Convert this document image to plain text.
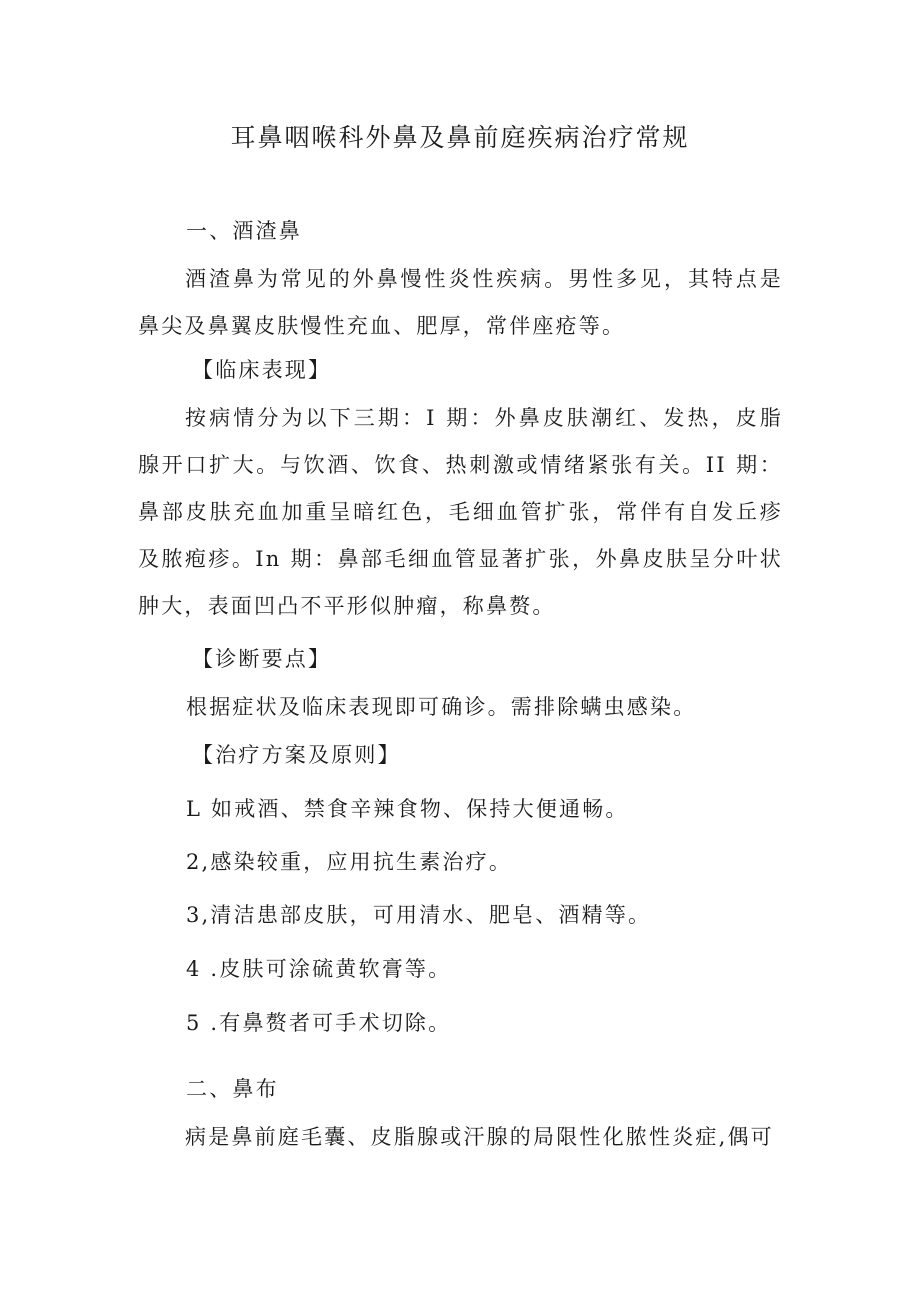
耳鼻咽喉科外鼻及鼻前庭疾病治疗常规
一、酒渣鼻
酒渣鼻为常见的外鼻慢性炎性疾病。男性多见，其特点是鼻尖及鼻翼皮肤慢性充血、肥厚，常伴座疮等。
【临床表现】
按病情分为以下三期：I 期：外鼻皮肤潮红、发热，皮脂腺开口扩大。与饮酒、饮食、热刺激或情绪紧张有关。II 期：鼻部皮肤充血加重呈暗红色，毛细血管扩张，常伴有自发丘疹及脓疱疹。In 期：鼻部毛细血管显著扩张，外鼻皮肤呈分叶状肿大，表面凹凸不平形似肿瘤，称鼻赘。
【诊断要点】
根据症状及临床表现即可确诊。需排除螨虫感染。
【治疗方案及原则】
L 如戒酒、禁食辛辣食物、保持大便通畅。
2,感染较重，应用抗生素治疗。
3,清洁患部皮肤，可用清水、肥皂、酒精等。
4 .皮肤可涂硫黄软膏等。
5 .有鼻赘者可手术切除。
二、鼻布
病是鼻前庭毛囊、皮脂腺或汗腺的局限性化脓性炎症,偶可
